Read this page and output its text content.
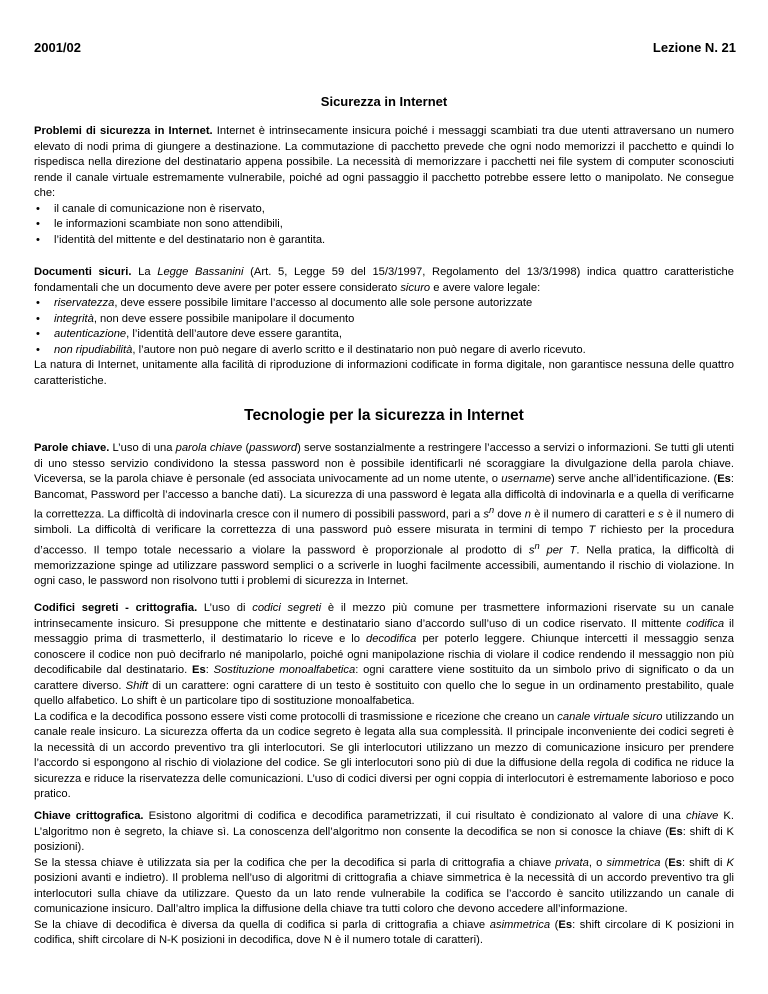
2001/02	Lezione N. 21
Sicurezza in Internet

Problemi di sicurezza in Internet. Internet è intrinsecamente insicura poiché i messaggi scambiati tra due utenti attraversano un numero elevato di nodi prima di giungere a destinazione. La commutazione di pacchetto prevede che ogni nodo memorizzi il pacchetto e quindi lo rispedisca nella direzione del destinatario appena possibile. La necessità di memorizzare i pacchetti nei file system di computer sconosciuti rende il canale virtuale estremamente vulnerabile, poiché ad ogni passaggio il pacchetto potrebbe essere letto o manipolato. Ne consegue che:

• il canale di comunicazione non è riservato,
• le informazioni scambiate non sono attendibili,
• l’identità del mittente e del destinatario non è garantita.

Documenti sicuri. La Legge Bassanini (Art. 5, Legge 59 del 15/3/1997, Regolamento del 13/3/1998) indica quattro caratteristiche fondamentali che un documento deve avere per poter essere considerato sicuro e avere valore legale:

• riservatezza, deve essere possibile limitare l’accesso al documento alle sole persone autorizzate
• integrità, non deve essere possibile manipolare il documento
• autenticazione, l’identità dell’autore deve essere garantita,
• non ripudiabilità, l’autore non può negare di averlo scritto e il destinatario non può negare di averlo ricevuto.

La natura di Internet, unitamente alla facilità di riproduzione di informazioni codificate in forma digitale, non garantisce nessuna delle quattro caratteristiche.

Tecnologie per la sicurezza in Internet

Parole chiave. L’uso di una parola chiave (password) serve sostanzialmente a restringere l’accesso a servizi o informazioni. Se tutti gli utenti di uno stesso servizio condividono la stessa password non è possibile identificarli né scoraggiare la divulgazione della parola chiave. Viceversa, se la parola chiave è personale (ed associata univocamente ad un nome utente, o username) serve anche all’identificazione. (Es: Bancomat, Password per l’accesso a banche dati). La sicurezza di una password è legata alla difficoltà di indovinarla e a quella di verificarne la correttezza. La difficoltà di indovinarla cresce con il numero di possibili password, pari a $s^n$ dove n è il numero di caratteri e s è il numero di simboli. La difficoltà di verificare la correttezza di una password può essere misurata in termini di tempo T richiesto per la procedura d’accesso. Il tempo totale necessario a violare la password è proporzionale al prodotto di $s^n$ per T. Nella pratica, la difficoltà di memorizzazione spinge ad utilizzare password semplici o a scriverle in luoghi facilmente accessibili, aumentando il rischio di violazione. In ogni caso, le password non risolvono tutti i problemi di sicurezza in Internet.

Codifici segreti - crittografia. L’uso di codici segreti è il mezzo più comune per trasmettere informazioni riservate su un canale intrinsecamente insicuro. Si presuppone che mittente e destinatario siano d’accordo sull’uso di un codice riservato. Il mittente codifica il messaggio prima di trasmetterlo, il destimatario lo riceve e lo decodifica per poterlo leggere. Chiunque intercetti il messaggio senza conoscere il codice non può decifrarlo né manipolarlo, poiché ogni manipolazione rischia di violare il codice rendendo il messaggio non più decodificabile dal destinatario. Es: Sostituzione monoalfabetica: ogni carattere viene sostituito da un simbolo privo di significato o da un carattere diverso. Shift di un carattere: ogni carattere di un testo è sostituito con quello che lo segue in un ordinamento prestabilito, quale quello alfabetico. Lo shift è un particolare tipo di sostituzione monoalfabetica.

La codifica e la decodifica possono essere visti come protocolli di trasmissione e ricezione che creano un canale virtuale sicuro utilizzando un canale reale insicuro. La sicurezza offerta da un codice segreto è legata alla sua complessità. Il principale inconveniente dei codici segreti è la necessità di un accordo preventivo tra gli interlocutori. Se gli interlocutori utilizzano un mezzo di comunicazione insicuro per prendere l’accordo si espongono al rischio di violazione del codice. Se gli interlocutori sono più di due la diffusione della regola di codifica ne riduce la sicurezza e riduce la riservatezza delle comunicazioni. L’uso di codici diversi per ogni coppia di interlocutori è estremamente laborioso e poco pratico.

Chiave crittografica. Esistono algoritmi di codifica e decodifica parametrizzati, il cui risultato è condizionato al valore di una chiave K. L’algoritmo non è segreto, la chiave sì. La conoscenza dell’algoritmo non consente la decodifica se non si conosce la chiave (Es: shift di K posizioni).

Se la stessa chiave è utilizzata sia per la codifica che per la decodifica si parla di crittografia a chiave privata, o simmetrica (Es: shift di K posizioni avanti e indietro). Il problema nell’uso di algoritmi di crittografia a chiave simmetrica è la necessità di un accordo preventivo tra gli interlocutori sulla chiave da utilizzare. Questo da un lato rende vulnerabile la codifica se l’accordo è sancito utilizzando un canale di comunicazione insicuro. Dall’altro implica la diffusione della chiave tra tutti coloro che devono accedere all’informazione.

Se la chiave di decodifica è diversa da quella di codifica si parla di crittografia a chiave asimmetrica (Es: shift circolare di K posizioni in codifica, shift circolare di N-K posizioni in decodifica, dove N è il numero totale di caratteri).
